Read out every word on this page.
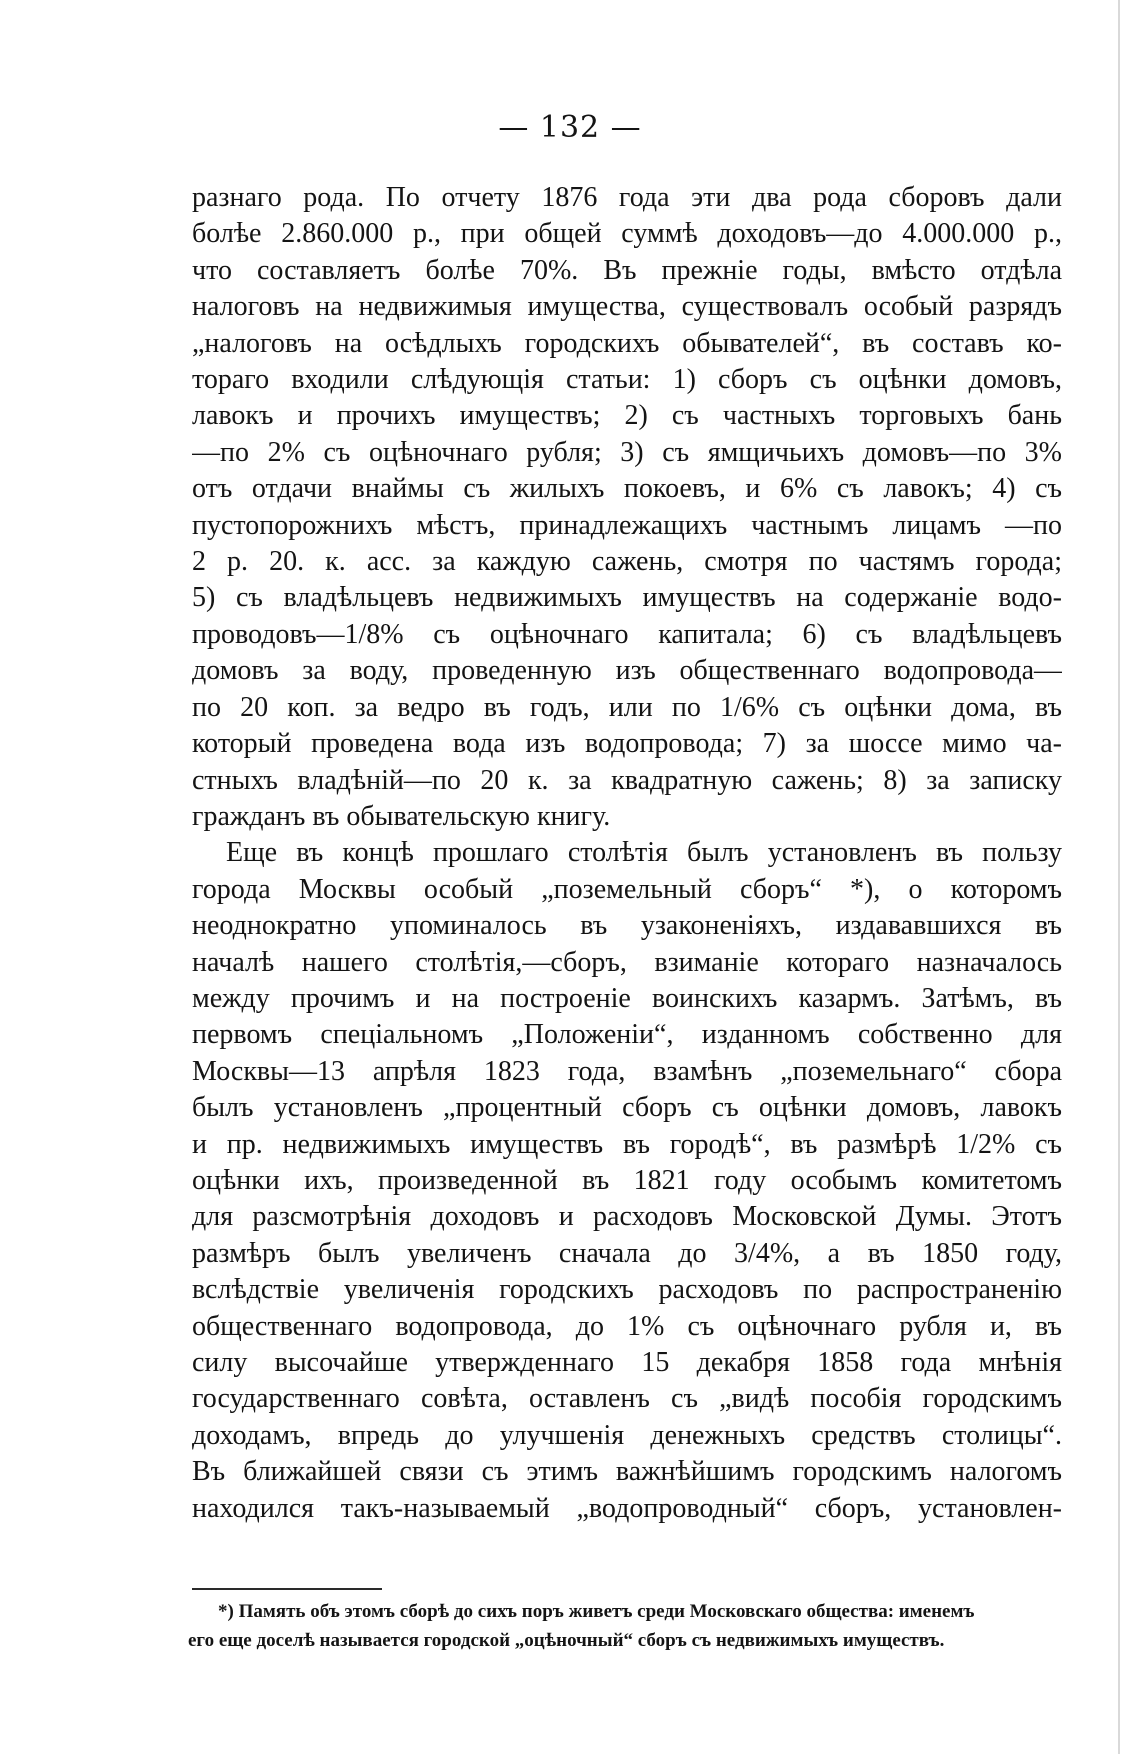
— 132 —
разнаго рода. По отчету 1876 года эти два рода сборовъ дали
болѣе 2.860.000 р., при общей суммѣ доходовъ—до 4.000.000 р.,
что составляетъ болѣе 70%. Въ прежніе годы, вмѣсто отдѣла
налоговъ на недвижимыя имущества, существовалъ особый разрядъ
„налоговъ на осѣдлыхъ городскихъ обывателей“, въ составъ ко-
тораго входили слѣдующія статьи: 1) сборъ съ оцѣнки домовъ,
лавокъ и прочихъ имуществъ; 2) съ частныхъ торговыхъ бань
—по 2% съ оцѣночнаго рубля; 3) съ ямщичьихъ домовъ—по 3%
отъ отдачи внаймы съ жилыхъ покоевъ, и 6% съ лавокъ; 4) съ
пустопорожнихъ мѣстъ, принадлежащихъ частнымъ лицамъ —по
2 р. 20. к. асс. за каждую сажень, смотря по частямъ города;
5) съ владѣльцевъ недвижимыхъ имуществъ на содержаніе водо-
проводовъ—1/8% съ оцѣночнаго капитала; 6) съ владѣльцевъ
домовъ за воду, проведенную изъ общественнаго водопровода—
по 20 коп. за ведро въ годъ, или по 1/6% съ оцѣнки дома, въ
который проведена вода изъ водопровода; 7) за шоссе мимо ча-
стныхъ владѣній—по 20 к. за квадратную сажень; 8) за записку
гражданъ въ обывательскую книгу.
Еще въ концѣ прошлаго столѣтія былъ установленъ въ пользу
города Москвы особый „поземельный сборъ“ *), о которомъ
неоднократно упоминалось въ узаконеніяхъ, издававшихся въ
началѣ нашего столѣтія,—сборъ, взиманіе котораго назначалось
между прочимъ и на построеніе воинскихъ казармъ. Затѣмъ, въ
первомъ спеціальномъ „Положеніи“, изданномъ собственно для
Москвы—13 апрѣля 1823 года, взамѣнъ „поземельнаго“ сбора
былъ установленъ „процентный сборъ съ оцѣнки домовъ, лавокъ
и пр. недвижимыхъ имуществъ въ городѣ“, въ размѣрѣ 1/2% съ
оцѣнки ихъ, произведенной въ 1821 году особымъ комитетомъ
для разсмотрѣнія доходовъ и расходовъ Московской Думы. Этотъ
размѣръ былъ увеличенъ сначала до 3/4%, а въ 1850 году,
вслѣдствіе увеличенія городскихъ расходовъ по распространенію
общественнаго водопровода, до 1% съ оцѣночнаго рубля и, въ
силу высочайше утвержденнаго 15 декабря 1858 года мнѣнія
государственнаго совѣта, оставленъ съ „видѣ пособія городскимъ
доходамъ, впредь до улучшенія денежныхъ средствъ столицы“.
Въ ближайшей связи съ этимъ важнѣйшимъ городскимъ налогомъ
находился такъ-называемый „водопроводный“ сборъ, установлен-
*) Память объ этомъ сборѣ до сихъ поръ живетъ среди Московскаго общества: именемъ
его еще доселѣ называется городской „оцѣночный“ сборъ съ недвижимыхъ имуществъ.
